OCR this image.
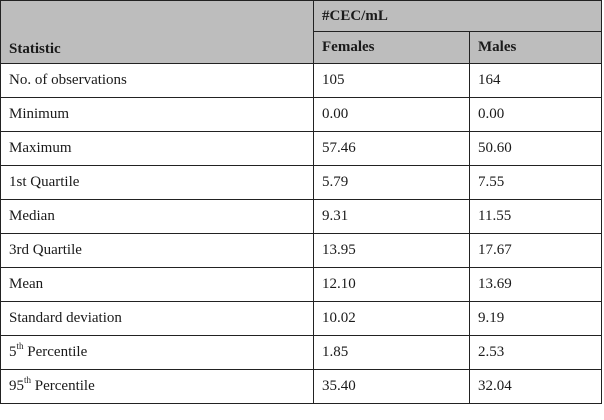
Statistic	#CEC/mL	
	Females	Males
No. of observations	105	164
Minimum	0.00	0.00
Maximum	57.46	50.60
1st Quartile	5.79	7.55
Median	9.31	11.55
3rd Quartile	13.95	17.67
Mean	12.10	13.69
Standard deviation	10.02	9.19
5th Percentile	1.85	2.53
95th Percentile	35.40	32.04
